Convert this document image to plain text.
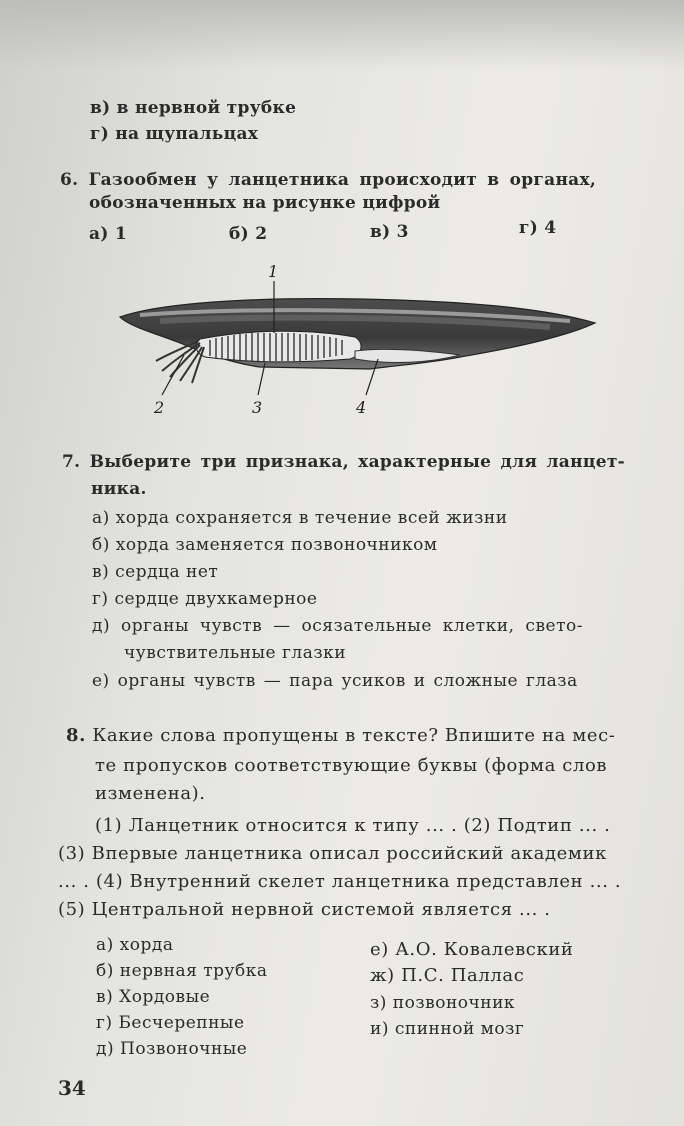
в) в нервной трубке
г) на щупальцах
6. Газообмен у ланцетника происходит в органах,
обозначенных на рисунке цифрой
а) 1	б) 2	в) 3	г) 4
1
2	3	4
7. Выберите три признака, характерные для ланцет-
ника.
а) хорда сохраняется в течение всей жизни
б) хорда заменяется позвоночником
в) сердца нет
г) сердце двухкамерное
д) органы чувств — осязательные клетки, свето-
чувствительные глазки
е) органы чувств — пара усиков и сложные глаза
8. Какие слова пропущены в тексте? Впишите на мес-
те пропусков соответствующие буквы (форма слов
изменена).
(1) Ланцетник относится к типу ... . (2) Подтип ... .
(3) Впервые ланцетника описал российский академик
... . (4) Внутренний скелет ланцетника представлен ... .
(5) Центральной нервной системой является ... .
а) хорда
б) нервная трубка
в) Хордовые
г) Бесчерепные
д) Позвоночные
е) А.О. Ковалевский
ж) П.С. Паллас
з) позвоночник
и) спинной мозг
34
